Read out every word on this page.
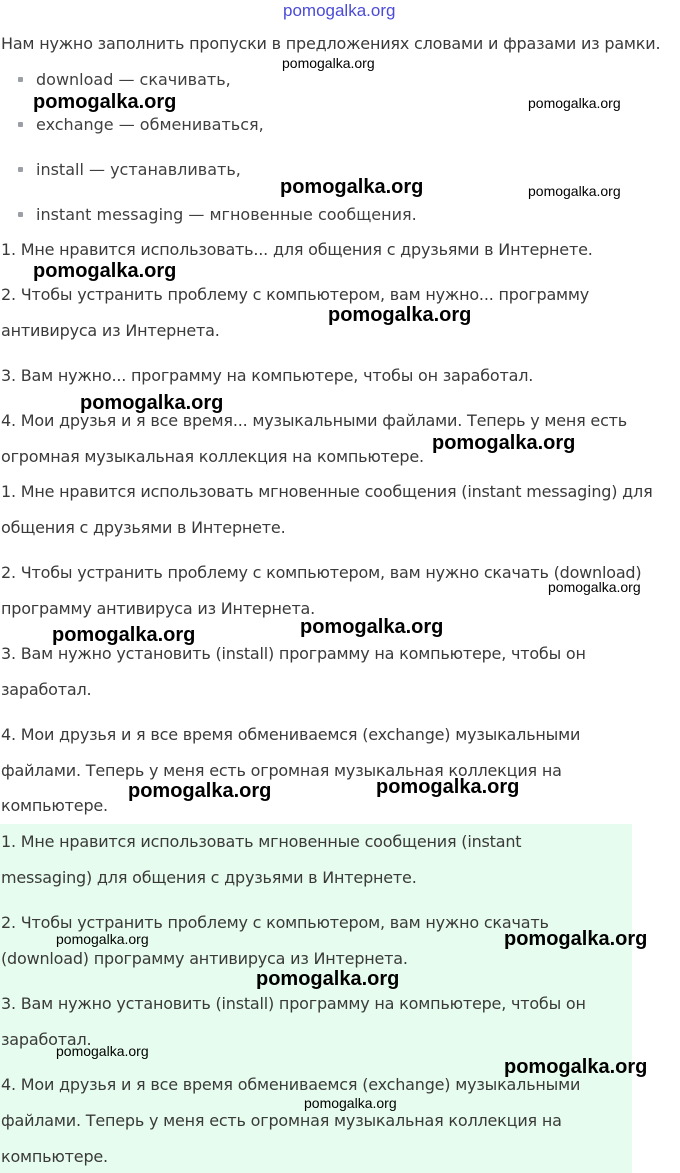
pomogalka.org
Нам нужно заполнить пропуски в предложениях словами и фразами из рамки.
download — скачивать,
exchange — обмениваться,
install — устанавливать,
instant messaging — мгновенные сообщения.
1. Мне нравится использовать... для общения с друзьями в Интернете.
2. Чтобы устранить проблему с компьютером, вам нужно... программу
антивируса из Интернета.
3. Вам нужно... программу на компьютере, чтобы он заработал.
4. Мои друзья и я все время... музыкальными файлами. Теперь у меня есть
огромная музыкальная коллекция на компьютере.
1. Мне нравится использовать мгновенные сообщения (instant messaging) для
общения с друзьями в Интернете.
2. Чтобы устранить проблему с компьютером, вам нужно скачать (download)
программу антивируса из Интернета.
3. Вам нужно установить (install) программу на компьютере, чтобы он
заработал.
4. Мои друзья и я все время обмениваемся (exchange) музыкальными
файлами. Теперь у меня есть огромная музыкальная коллекция на
компьютере.
1. Мне нравится использовать мгновенные сообщения (instant
messaging) для общения с друзьями в Интернете.
2. Чтобы устранить проблему с компьютером, вам нужно скачать
(download) программу антивируса из Интернета.
3. Вам нужно установить (install) программу на компьютере, чтобы он
заработал.
4. Мои друзья и я все время обмениваемся (exchange) музыкальными
файлами. Теперь у меня есть огромная музыкальная коллекция на
компьютере.
pomogalka.org
pomogalka.org	pomogalka.org
pomogalka.org	pomogalka.org
pomogalka.org
pomogalka.org
pomogalka.org
pomogalka.org
pomogalka.org
pomogalka.org	pomogalka.org
pomogalka.org	pomogalka.org
pomogalka.org	pomogalka.org
pomogalka.org
pomogalka.org
pomogalka.org
pomogalka.org
